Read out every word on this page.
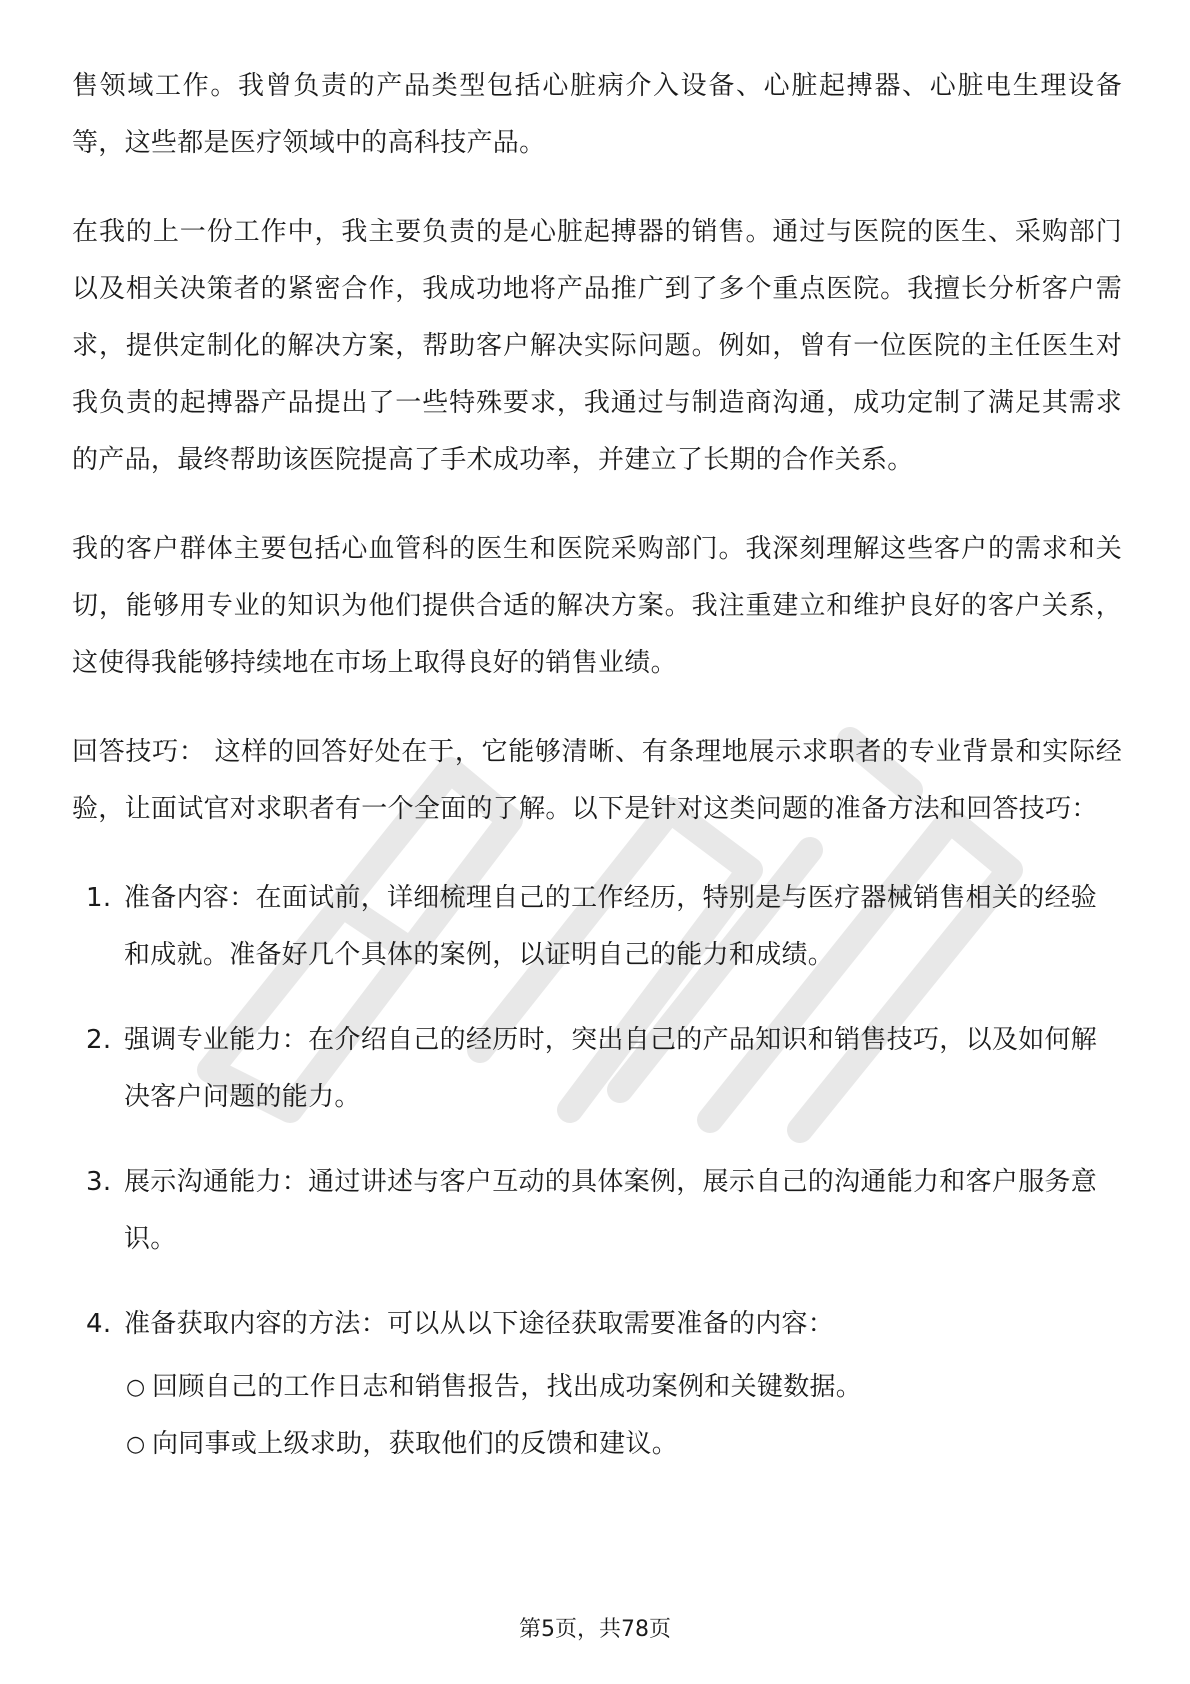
售领域工作。我曾负责的产品类型包括心脏病介入设备、心脏起搏器、心脏电生理设备等，这些都是医疗领域中的高科技产品。

在我的上一份工作中，我主要负责的是心脏起搏器的销售。通过与医院的医生、采购部门以及相关决策者的紧密合作，我成功地将产品推广到了多个重点医院。我擅长分析客户需求，提供定制化的解决方案，帮助客户解决实际问题。例如，曾有一位医院的主任医生对我负责的起搏器产品提出了一些特殊要求，我通过与制造商沟通，成功定制了满足其需求的产品，最终帮助该医院提高了手术成功率，并建立了长期的合作关系。

我的客户群体主要包括心血管科的医生和医院采购部门。我深刻理解这些客户的需求和关切，能够用专业的知识为他们提供合适的解决方案。我注重建立和维护良好的客户关系，这使得我能够持续地在市场上取得良好的销售业绩。

回答技巧： 这样的回答好处在于，它能够清晰、有条理地展示求职者的专业背景和实际经验，让面试官对求职者有一个全面的了解。以下是针对这类问题的准备方法和回答技巧：

1. 准备内容：在面试前，详细梳理自己的工作经历，特别是与医疗器械销售相关的经验和成就。准备好几个具体的案例，以证明自己的能力和成绩。
2. 强调专业能力：在介绍自己的经历时，突出自己的产品知识和销售技巧，以及如何解决客户问题的能力。
3. 展示沟通能力：通过讲述与客户互动的具体案例，展示自己的沟通能力和客户服务意识。
4. 准备获取内容的方法：可以从以下途径获取需要准备的内容：
○ 回顾自己的工作日志和销售报告，找出成功案例和关键数据。
○ 向同事或上级求助，获取他们的反馈和建议。
第5页，共78页
